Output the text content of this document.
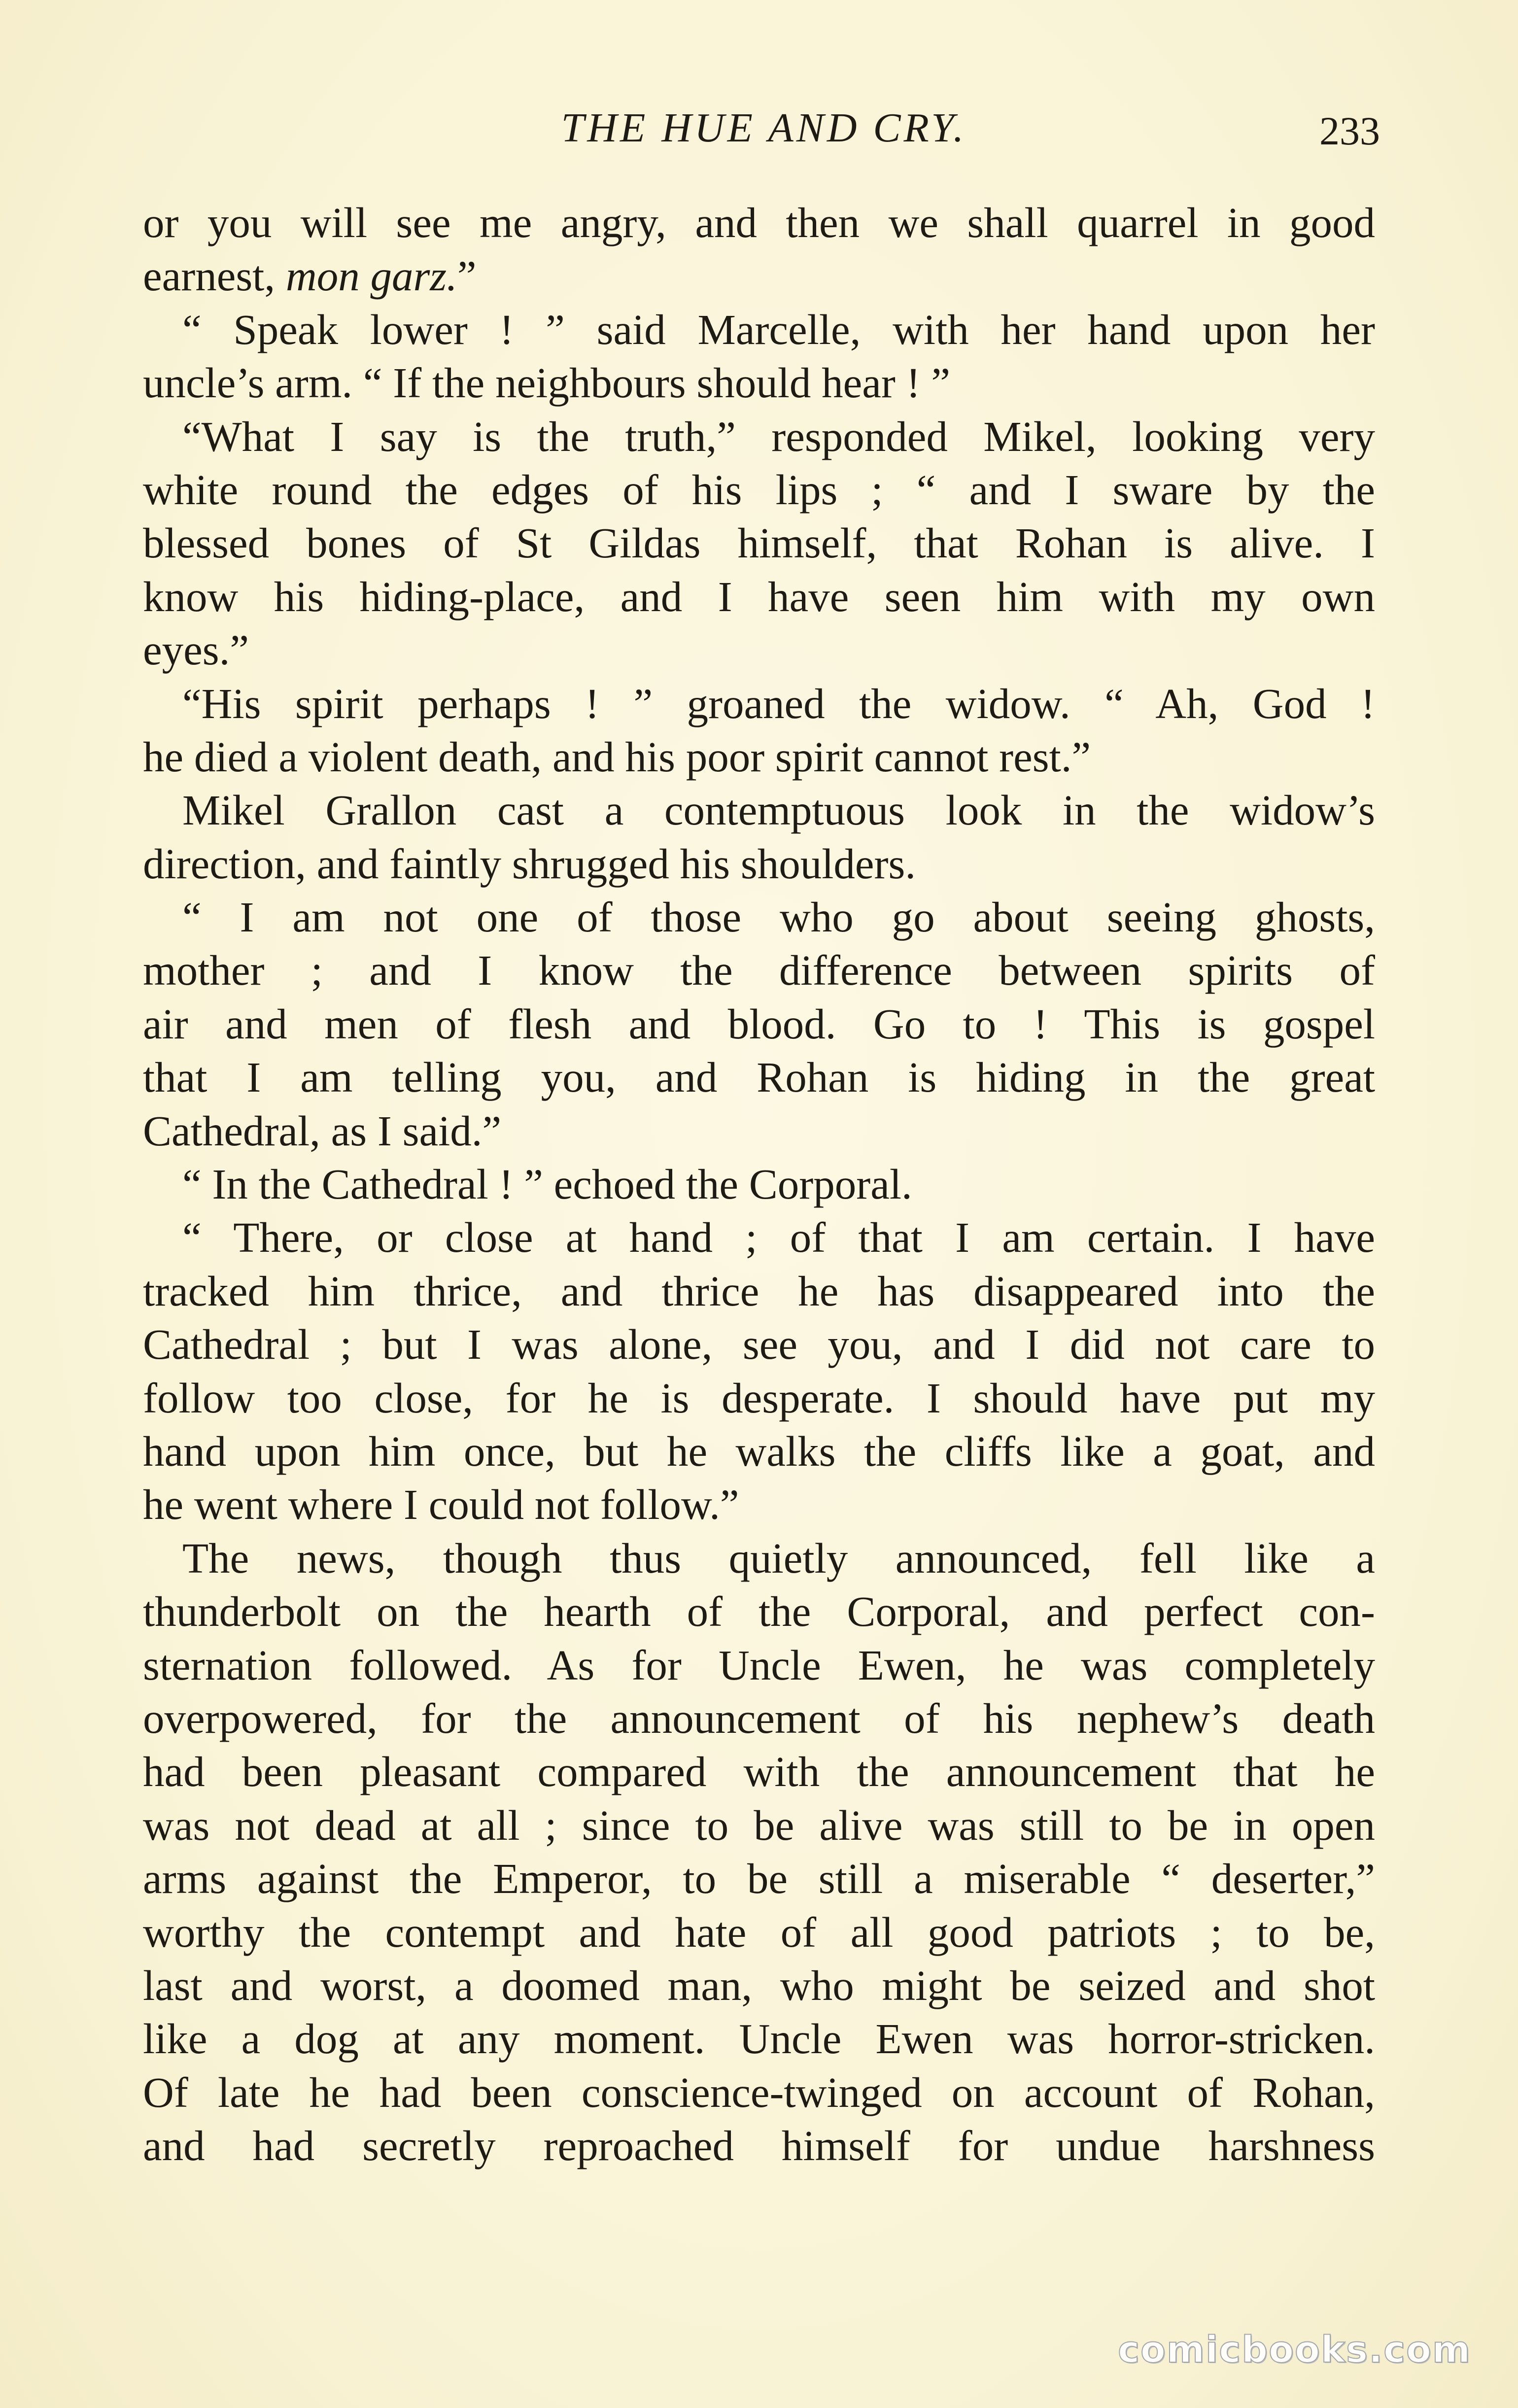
THE HUE AND CRY.	233
or you will see me angry, and then we shall quarrel in good
earnest, mon garz.”
“ Speak lower ! ” said Marcelle, with her hand upon her
uncle’s arm. “ If the neighbours should hear ! ”
“What I say is the truth,” responded Mikel, looking very
white round the edges of his lips ; “ and I sware by the
blessed bones of St Gildas himself, that Rohan is alive. I
know his hiding-place, and I have seen him with my own
eyes.”
“His spirit perhaps ! ” groaned the widow. “ Ah, God !
he died a violent death, and his poor spirit cannot rest.”
Mikel Grallon cast a contemptuous look in the widow’s
direction, and faintly shrugged his shoulders.
“ I am not one of those who go about seeing ghosts,
mother ; and I know the difference between spirits of
air and men of flesh and blood. Go to ! This is gospel
that I am telling you, and Rohan is hiding in the great
Cathedral, as I said.”
“ In the Cathedral ! ” echoed the Corporal.
“ There, or close at hand ; of that I am certain. I have
tracked him thrice, and thrice he has disappeared into the
Cathedral ; but I was alone, see you, and I did not care to
follow too close, for he is desperate. I should have put my
hand upon him once, but he walks the cliffs like a goat, and
he went where I could not follow.”
The news, though thus quietly announced, fell like a
thunderbolt on the hearth of the Corporal, and perfect con-
sternation followed. As for Uncle Ewen, he was completely
overpowered, for the announcement of his nephew’s death
had been pleasant compared with the announcement that he
was not dead at all ; since to be alive was still to be in open
arms against the Emperor, to be still a miserable “ deserter,”
worthy the contempt and hate of all good patriots ; to be,
last and worst, a doomed man, who might be seized and shot
like a dog at any moment. Uncle Ewen was horror-stricken.
Of late he had been conscience-twinged on account of Rohan,
and had secretly reproached himself for undue harshness
comicbooks.com
